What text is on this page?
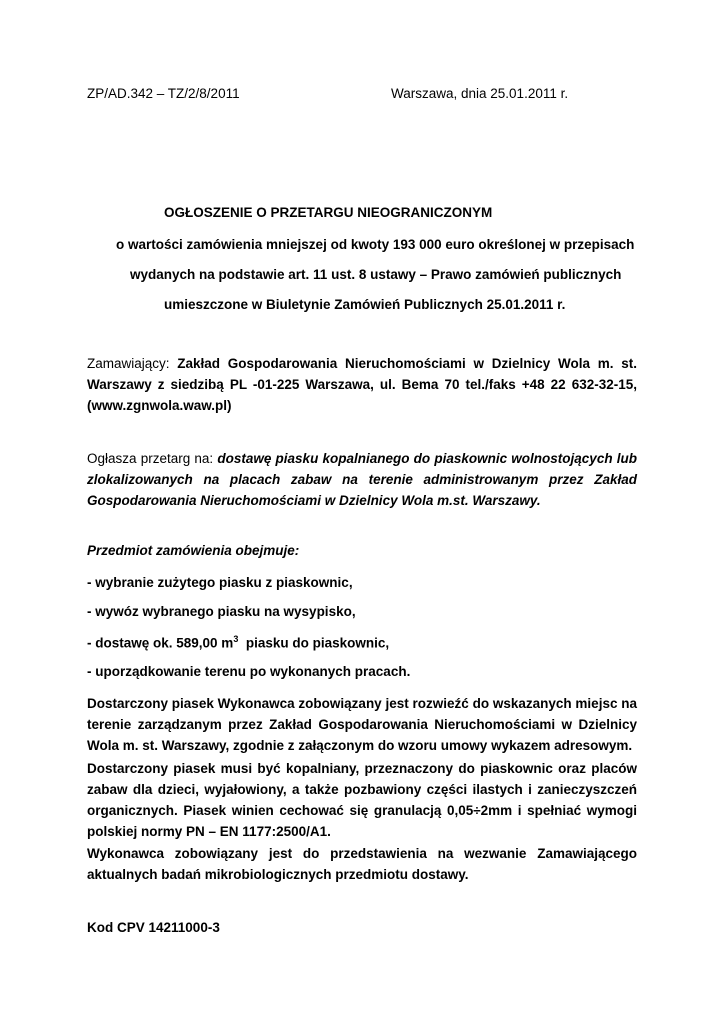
ZP/AD.342 – TZ/2/8/2011	Warszawa, dnia 25.01.2011 r.

OGŁOSZENIE O PRZETARGU NIEOGRANICZONYM

o wartości zamówienia mniejszej od kwoty 193 000 euro określonej w przepisach

wydanych na podstawie art. 11 ust. 8 ustawy – Prawo zamówień publicznych

umieszczone w Biuletynie Zamówień Publicznych 25.01.2011 r.

Zamawiający: Zakład Gospodarowania Nieruchomościami w Dzielnicy Wola m. st. Warszawy z siedzibą PL -01-225 Warszawa, ul. Bema 70 tel./faks +48 22 632-32-15, (www.zgnwola.waw.pl)

Ogłasza przetarg na: dostawę piasku kopalnianego do piaskownic wolnostojących lub zlokalizowanych na placach zabaw na terenie administrowanym przez Zakład Gospodarowania Nieruchomościami w Dzielnicy Wola m.st. Warszawy.

Przedmiot zamówienia obejmuje:

- wybranie zużytego piasku z piaskownic,

- wywóz wybranego piasku na wysypisko,

- dostawę ok. 589,00 $m^3$  piasku do piaskownic,

- uporządkowanie terenu po wykonanych pracach.

Dostarczony piasek Wykonawca zobowiązany jest rozwieźć do wskazanych miejsc na terenie zarządzanym przez Zakład Gospodarowania Nieruchomościami w Dzielnicy Wola m. st. Warszawy, zgodnie z załączonym do wzoru umowy wykazem adresowym.

Dostarczony piasek musi być kopalniany, przeznaczony do piaskownic oraz placów zabaw dla dzieci, wyjałowiony, a także pozbawiony części ilastych i zanieczyszczeń organicznych. Piasek winien cechować się granulacją 0,05÷2mm i spełniać wymogi polskiej normy PN – EN 1177:2500/A1.

Wykonawca zobowiązany jest do przedstawienia na wezwanie Zamawiającego aktualnych badań mikrobiologicznych przedmiotu dostawy.

Kod CPV 14211000-3
